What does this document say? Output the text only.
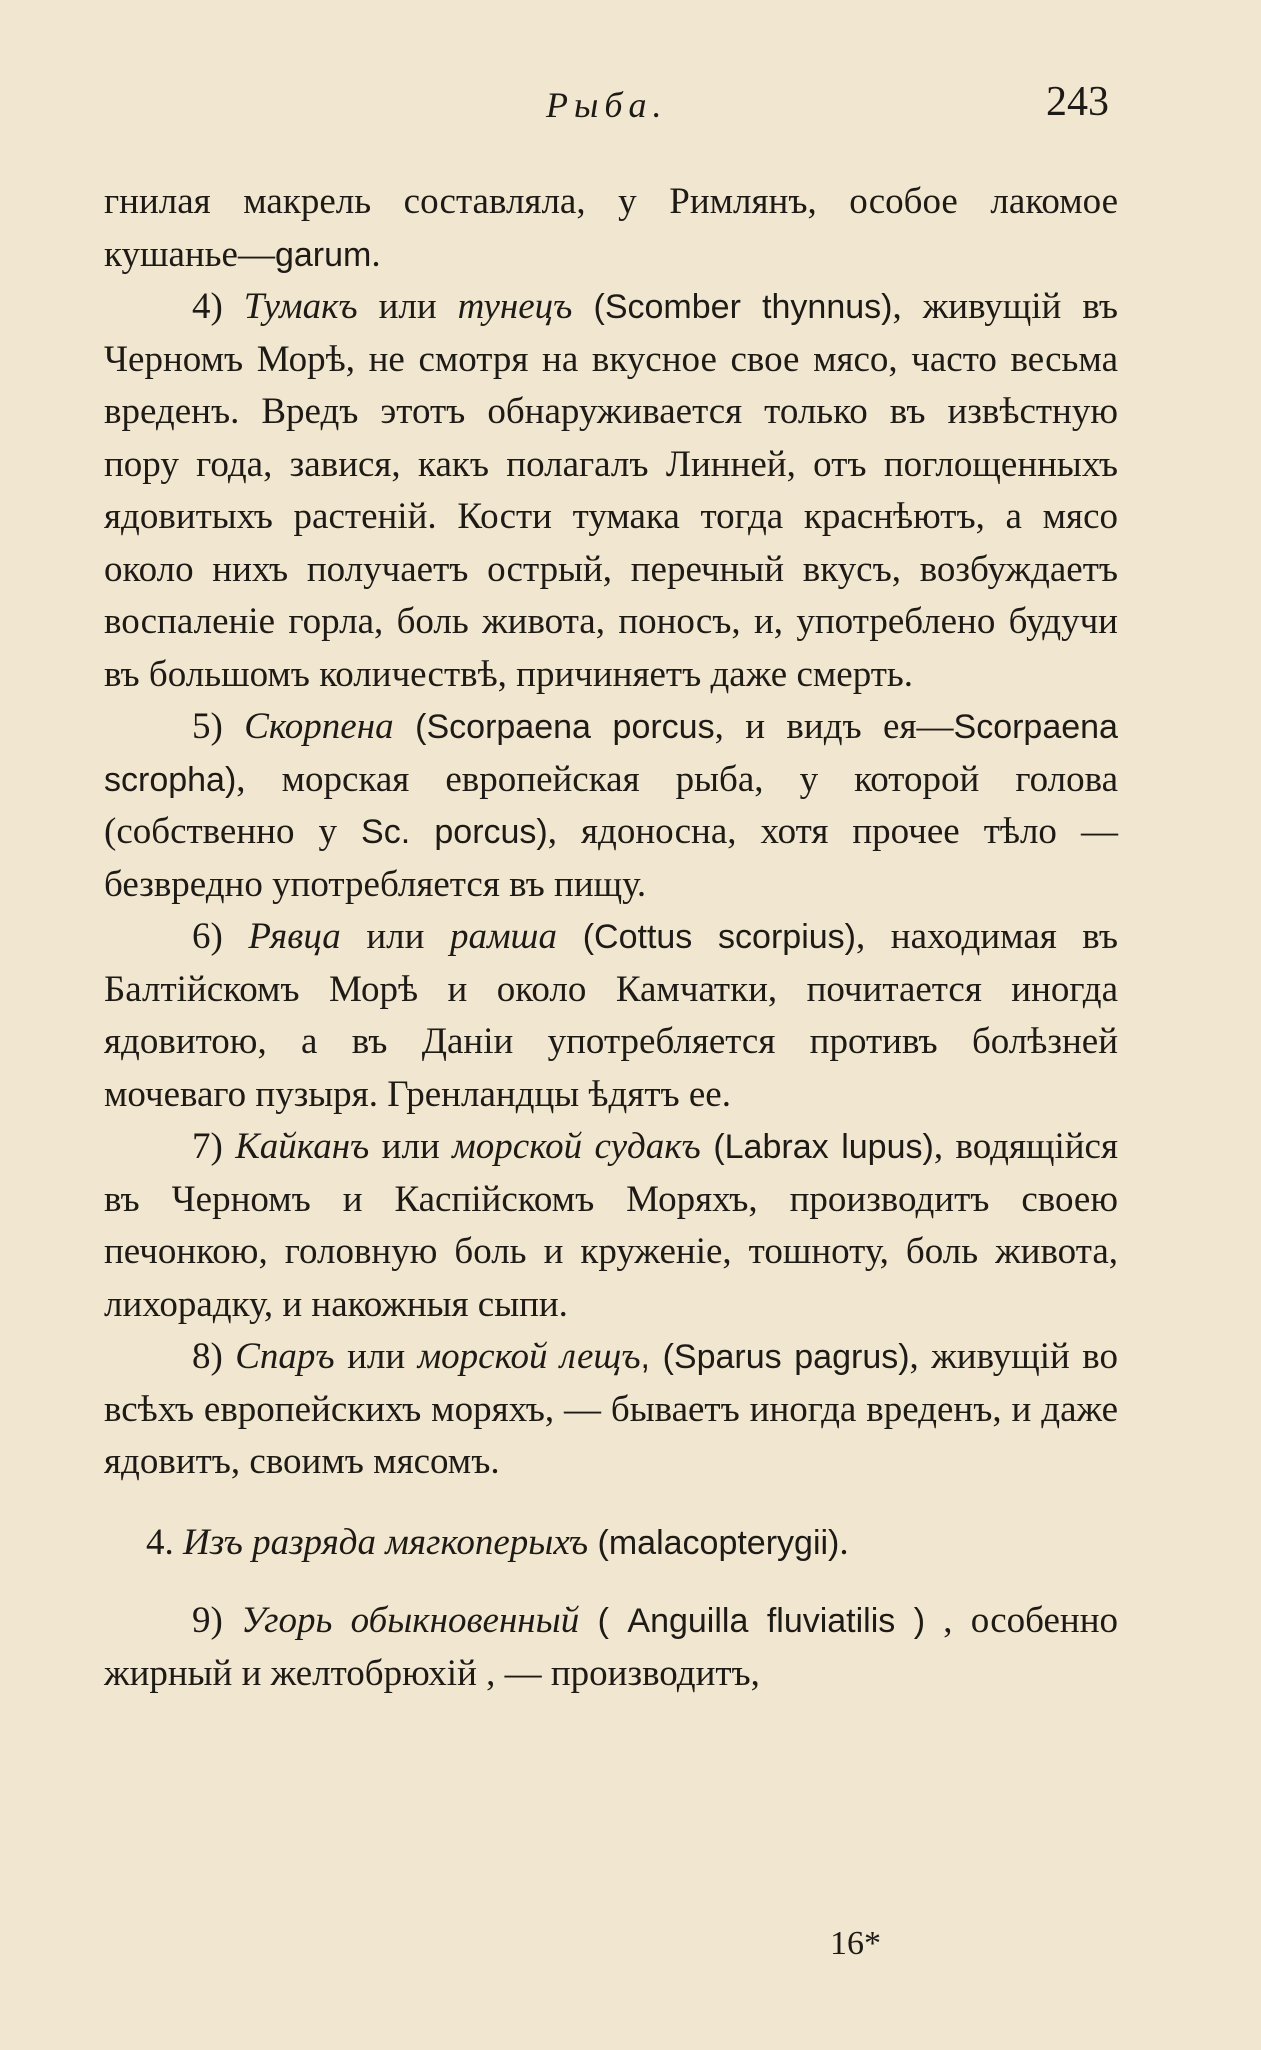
Рыба.	243

гнилая макрель составляла, у Римлянъ, особое лакомое кушанье—garum.

4) Тумакъ или тунецъ (Scomber thynnus), живущій въ Черномъ Морѣ, не смотря на вкусное свое мясо, часто весьма вреденъ. Вредъ этотъ обнаруживается только въ извѣстную пору года, завися, какъ полагалъ Линней, отъ поглощенныхъ ядовитыхъ растеній. Кости тумака тогда краснѣютъ, а мясо около нихъ получаетъ острый, перечный вкусъ, возбуждаетъ воспаленіе горла, боль живота, поносъ, и, употреблено будучи въ большомъ количествѣ, причиняетъ даже смерть.

5) Скорпена (Scorpaena porcus, и видъ ея—Scorpaena scropha), морская европейская рыба, у которой голова (собственно у Sc. porcus), ядоносна, хотя прочее тѣло — безвредно употребляется въ пищу.

6) Рявца или рамша (Cottus scorpius), находимая въ Балтійскомъ Морѣ и около Камчатки, почитается иногда ядовитою, а въ Даніи употребляется противъ болѣзней мочеваго пузыря. Гренландцы ѣдятъ ее.

7) Кайканъ или морской судакъ (Labrax lupus), водящійся въ Черномъ и Каспійскомъ Моряхъ, производитъ своею печонкою, головную боль и круженіе, тошноту, боль живота, лихорадку, и накожныя сыпи.

8) Спаръ или морской лещъ, (Sparus pagrus), живущій во всѣхъ европейскихъ моряхъ, — бываетъ иногда вреденъ, и даже ядовитъ, своимъ мясомъ.

4. Изъ разряда мягкоперыхъ (malacopterygii).

9) Угорь обыкновенный ( Anguilla fluviatilis ) , особенно жирный и желтобрюхій , — производитъ,

16*
